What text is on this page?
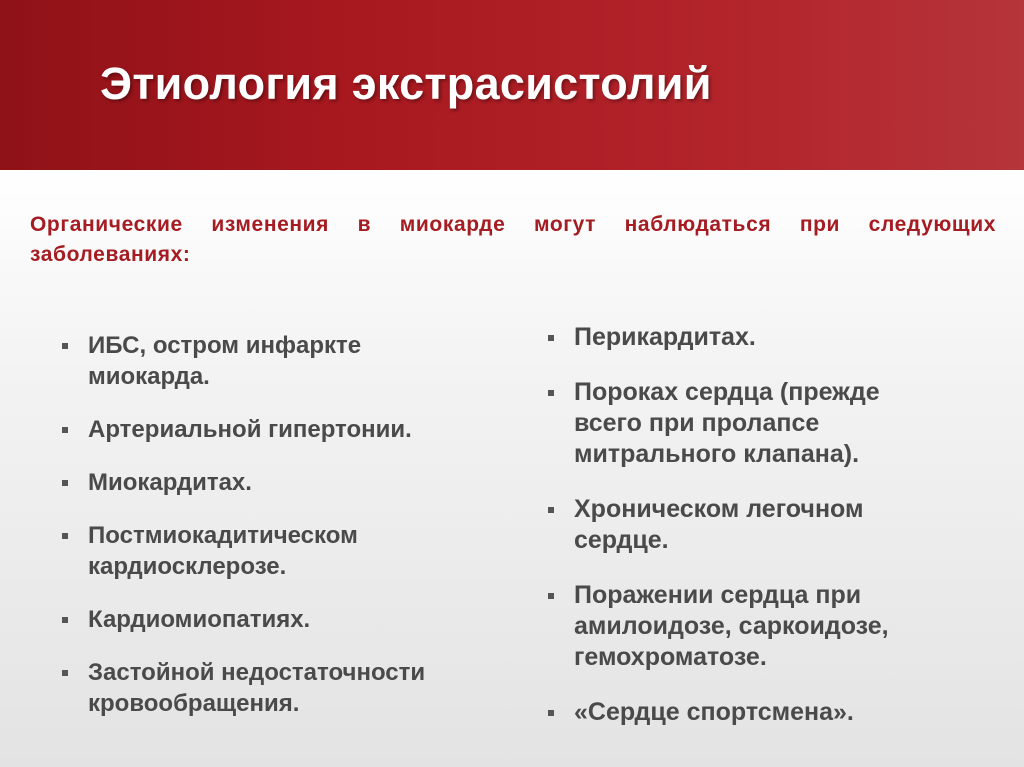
Этиология экстрасистолий
Органические изменения в миокарде могут наблюдаться при следующих заболеваниях:
ИБС, остром инфаркте миокарда.
Артериальной гипертонии.
Миокардитах.
Постмиокадитическом кардиосклерозе.
Кардиомиопатиях.
Застойной недостаточности кровообращения.
Перикардитах.
Пороках сердца (прежде всего при пролапсе митрального клапана).
Хроническом легочном сердце.
Поражении сердца при амилоидозе, саркоидозе, гемохроматозе.
«Сердце спортсмена».
